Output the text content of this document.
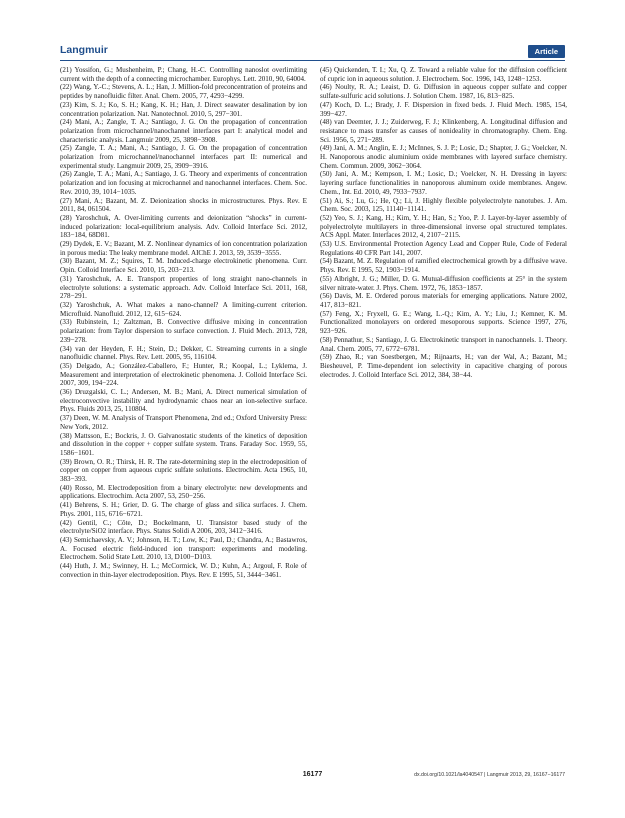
Langmuir	Article

(21) Yossifon, G.; Mushenheim, P.; Chang, H.-C. Controlling nanoslot overlimiting current with the depth of a connecting microchamber. Europhys. Lett. 2010, 90, 64004.

(22) Wang, Y.-C.; Stevens, A. L.; Han, J. Million-fold preconcentration of proteins and peptides by nanofluidic filter. Anal. Chem. 2005, 77, 4293−4299.

(23) Kim, S. J.; Ko, S. H.; Kang, K. H.; Han, J. Direct seawater desalination by ion concentration polarization. Nat. Nanotechnol. 2010, 5, 297−301.

(24) Mani, A.; Zangle, T. A.; Santiago, J. G. On the propagation of concentration polarization from microchannel/nanochannel interfaces part I: analytical model and characteristic analysis. Langmuir 2009, 25, 3898−3908.

(25) Zangle, T. A.; Mani, A.; Santiago, J. G. On the propagation of concentration polarization from microchannel/nanochannel interfaces part II: numerical and experimental study. Langmuir 2009, 25, 3909−3916.

(26) Zangle, T. A.; Mani, A.; Santiago, J. G. Theory and experiments of concentration polarization and ion focusing at microchannel and nanochannel interfaces. Chem. Soc. Rev. 2010, 39, 1014−1035.

(27) Mani, A.; Bazant, M. Z. Deionization shocks in microstructures. Phys. Rev. E 2011, 84, 061504.

(28) Yaroshchuk, A. Over-limiting currents and deionization “shocks” in current-induced polarization: local-equilibrium analysis. Adv. Colloid Interface Sci. 2012, 183−184, 68D81.

(29) Dydek, E. V.; Bazant, M. Z. Nonlinear dynamics of ion concentration polarization in porous media: The leaky membrane model. AIChE J. 2013, 59, 3539−3555.

(30) Bazant, M. Z.; Squires, T. M. Induced-charge electrokinetic phenomena. Curr. Opin. Colloid Interface Sci. 2010, 15, 203−213.

(31) Yaroshchuk, A. E. Transport properties of long straight nano-channels in electrolyte solutions: a systematic approach. Adv. Colloid Interface Sci. 2011, 168, 278−291.

(32) Yaroshchuk, A. What makes a nano-channel? A limiting-current criterion. Microfluid. Nanofluid. 2012, 12, 615−624.

(33) Rubinstein, I.; Zaltzman, B. Convective diffusive mixing in concentration polarization: from Taylor dispersion to surface convection. J. Fluid Mech. 2013, 728, 239−278.

(34) van der Heyden, F. H.; Stein, D.; Dekker, C. Streaming currents in a single nanofluidic channel. Phys. Rev. Lett. 2005, 95, 116104.

(35) Delgado, A.; González-Caballero, F.; Hunter, R.; Koopal, L.; Lyklema, J. Measurement and interpretation of electrokinetic phenomena. J. Colloid Interface Sci. 2007, 309, 194−224.

(36) Druzgalski, C. L.; Andersen, M. B.; Mani, A. Direct numerical simulation of electroconvective instability and hydrodynamic chaos near an ion-selective surface. Phys. Fluids 2013, 25, 110804.

(37) Deen, W. M. Analysis of Transport Phenomena, 2nd ed.; Oxford University Press: New York, 2012.

(38) Mattsson, E.; Bockris, J. O. Galvanostatic students of the kinetics of deposition and dissolution in the copper + copper sulfate system. Trans. Faraday Soc. 1959, 55, 1586−1601.

(39) Brown, O. R.; Thirsk, H. R. The rate-determining step in the electrodeposition of copper on copper from aqueous cupric sulfate solutions. Electrochim. Acta 1965, 10, 383−393.

(40) Rosso, M. Electrodeposition from a binary electrolyte: new developments and applications. Electrochim. Acta 2007, 53, 250−256.

(41) Behrens, S. H.; Grier, D. G. The charge of glass and silica surfaces. J. Chem. Phys. 2001, 115, 6716−6721.

(42) Gentil, C.; Côte, D.; Bockelmann, U. Transistor based study of the electrolyte/SiO2 interface. Phys. Status Solidi A 2006, 203, 3412−3416.

(43) Semichaevsky, A. V.; Johnson, H. T.; Low, K.; Paul, D.; Chandra, A.; Bastawros, A. Focused electric field-induced ion transport: experiments and modeling. Electrochem. Solid State Lett. 2010, 13, D100−D103.

(44) Huth, J. M.; Swinney, H. L.; McCormick, W. D.; Kuhn, A.; Argoul, F. Role of convection in thin-layer electrodeposition. Phys. Rev. E 1995, 51, 3444−3461.

(45) Quickenden, T. I.; Xu, Q. Z. Toward a reliable value for the diffusion coefficient of cupric ion in aqueous solution. J. Electrochem. Soc. 1996, 143, 1248−1253.

(46) Noulty, R. A.; Leaist, D. G. Diffusion in aqueous copper sulfate and copper sulfate-sulfuric acid solutions. J. Solution Chem. 1987, 16, 813−825.

(47) Koch, D. L.; Brady, J. F. Dispersion in fixed beds. J. Fluid Mech. 1985, 154, 399−427.

(48) van Deemter, J. J.; Zuiderweg, F. J.; Klinkenberg, A. Longitudinal diffusion and resistance to mass transfer as causes of nonideality in chromatography. Chem. Eng. Sci. 1956, 5, 271−289.

(49) Jani, A. M.; Anglin, E. J.; McInnes, S. J. P.; Losic, D.; Shapter, J. G.; Voelcker, N. H. Nanoporous anodic aluminium oxide membranes with layered surface chemistry. Chem. Commun. 2009, 3062−3064.

(50) Jani, A. M.; Kempson, I. M.; Losic, D.; Voelcker, N. H. Dressing in layers: layering surface functionalities in nanoporous aluminum oxide membranes. Angew. Chem., Int. Ed. 2010, 49, 7933−7937.

(51) Ai, S.; Lu, G.; He, Q.; Li, J. Highly flexible polyelectrolyte nanotubes. J. Am. Chem. Soc. 2003, 125, 11140−11141.

(52) Yeo, S. J.; Kang, H.; Kim, Y. H.; Han, S.; Yoo, P. J. Layer-by-layer assembly of polyelectrolyte multilayers in three-dimensional inverse opal structured templates. ACS Appl. Mater. Interfaces 2012, 4, 2107−2115.

(53) U.S. Environmental Protection Agency Lead and Copper Rule, Code of Federal Regulations 40 CFR Part 141, 2007.

(54) Bazant, M. Z. Regulation of ramified electrochemical growth by a diffusive wave. Phys. Rev. E 1995, 52, 1903−1914.

(55) Albright, J. G.; Miller, D. G. Mutual-diffusion coefficients at 25° in the system silver nitrate-water. J. Phys. Chem. 1972, 76, 1853−1857.

(56) Davis, M. E. Ordered porous materials for emerging applications. Nature 2002, 417, 813−821.

(57) Feng, X.; Fryxell, G. E.; Wang, L.-Q.; Kim, A. Y.; Liu, J.; Kemner, K. M. Functionalized monolayers on ordered mesoporous supports. Science 1997, 276, 923−926.

(58) Pennathur, S.; Santiago, J. G. Electrokinetic transport in nanochannels. 1. Theory. Anal. Chem. 2005, 77, 6772−6781.

(59) Zhao, R.; van Soestbergen, M.; Rijnaarts, H.; van der Wal, A.; Bazant, M.; Biesheuvel, P. Time-dependent ion selectivity in capacitive charging of porous electrodes. J. Colloid Interface Sci. 2012, 384, 38−44.

16177	dx.doi.org/10.1021/la4040547 | Langmuir 2013, 29, 16167−16177
